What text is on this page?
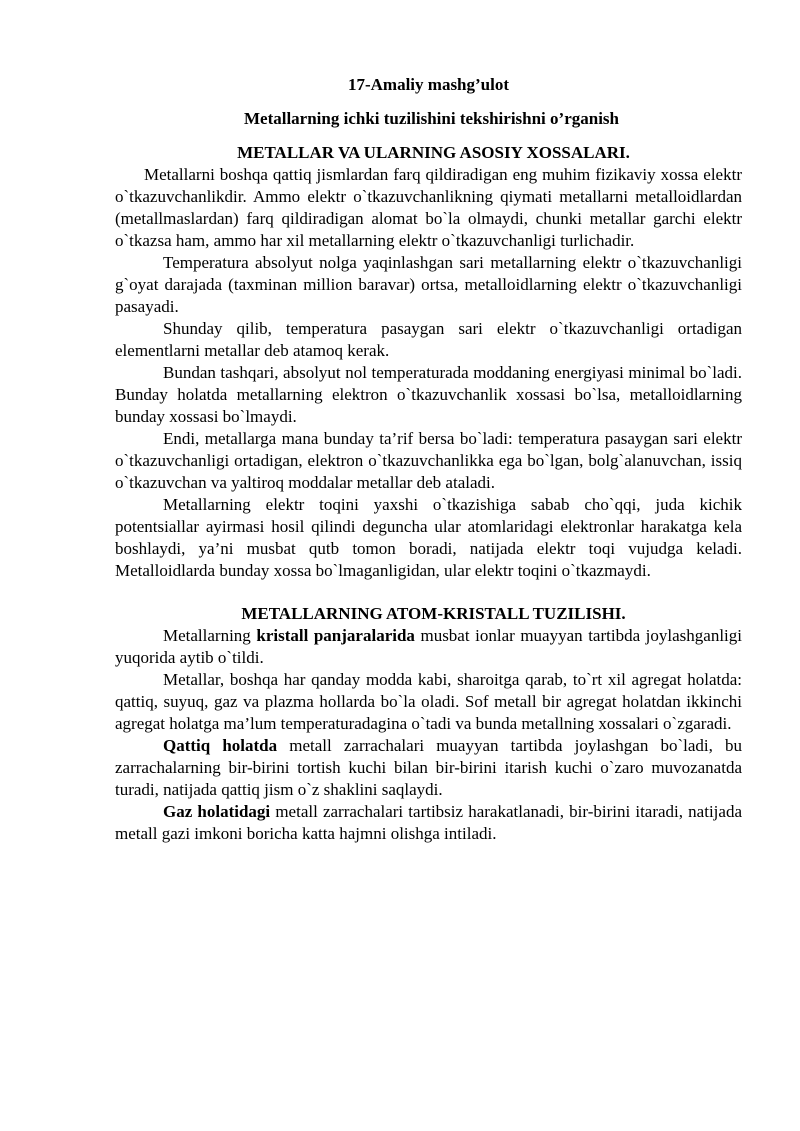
17-Amaliy mashg’ulot

Metallarning ichki tuzilishini tekshirishni o’rganish

METALLAR VA ULARNING ASOSIY XOSSALARI.

Metallarni boshqa qattiq jismlardan farq qildiradigan eng muhim fizikaviy xossa elektr o`tkazuvchanlikdir. Ammo elektr o`tkazuvchanlikning qiymati metallarni metalloidlardan (metallmaslardan) farq qildiradigan alomat bo`la olmaydi, chunki metallar garchi elektr o`tkazsa ham, ammo har xil metallarning elektr o`tkazuvchanligi turlichadir.

Temperatura absolyut nolga yaqinlashgan sari metallarning elektr o`tkazuvchanligi g`oyat darajada (taxminan million baravar) ortsa, metalloidlarning elektr o`tkazuvchanligi pasayadi.

Shunday qilib, temperatura pasaygan sari elektr o`tkazuvchanligi ortadigan elementlarni metallar deb atamoq kerak.

Bundan tashqari, absolyut nol temperaturada moddaning energiyasi minimal bo`ladi. Bunday holatda metallarning elektron o`tkazuvchanlik xossasi bo`lsa, metalloidlarning bunday xossasi bo`lmaydi.

Endi, metallarga mana bunday ta’rif bersa bo`ladi: temperatura pasaygan sari elektr o`tkazuvchanligi ortadigan, elektron o`tkazuvchanlikka ega bo`lgan, bolg`alanuvchan, issiq o`tkazuvchan va yaltiroq moddalar metallar deb ataladi.

Metallarning elektr toqini yaxshi o`tkazishiga sabab cho`qqi, juda kichik potentsiallar ayirmasi hosil qilindi deguncha ular atomlaridagi elektronlar harakatga kela boshlaydi, ya’ni musbat qutb tomon boradi, natijada elektr toqi vujudga keladi. Metalloidlarda bunday xossa bo`lmaganligidan, ular elektr toqini o`tkazmaydi.

METALLARNING ATOM-KRISTALL TUZILISHI.

Metallarning kristall panjaralarida musbat ionlar muayyan tartibda joylashganligi yuqorida aytib o`tildi.

Metallar, boshqa har qanday modda kabi, sharoitga qarab, to`rt xil agregat holatda: qattiq, suyuq, gaz va plazma hollarda bo`la oladi. Sof metall bir agregat holatdan ikkinchi agregat holatga ma’lum temperaturadagina o`tadi va bunda metallning xossalari o`zgaradi.

Qattiq holatda metall zarrachalari muayyan tartibda joylashgan bo`ladi, bu zarrachalarning bir-birini tortish kuchi bilan bir-birini itarish kuchi o`zaro muvozanatda turadi, natijada qattiq jism o`z shaklini saqlaydi.

Gaz holatidagi metall zarrachalari tartibsiz harakatlanadi, bir-birini itaradi, natijada metall gazi imkoni boricha katta hajmni olishga intiladi.
